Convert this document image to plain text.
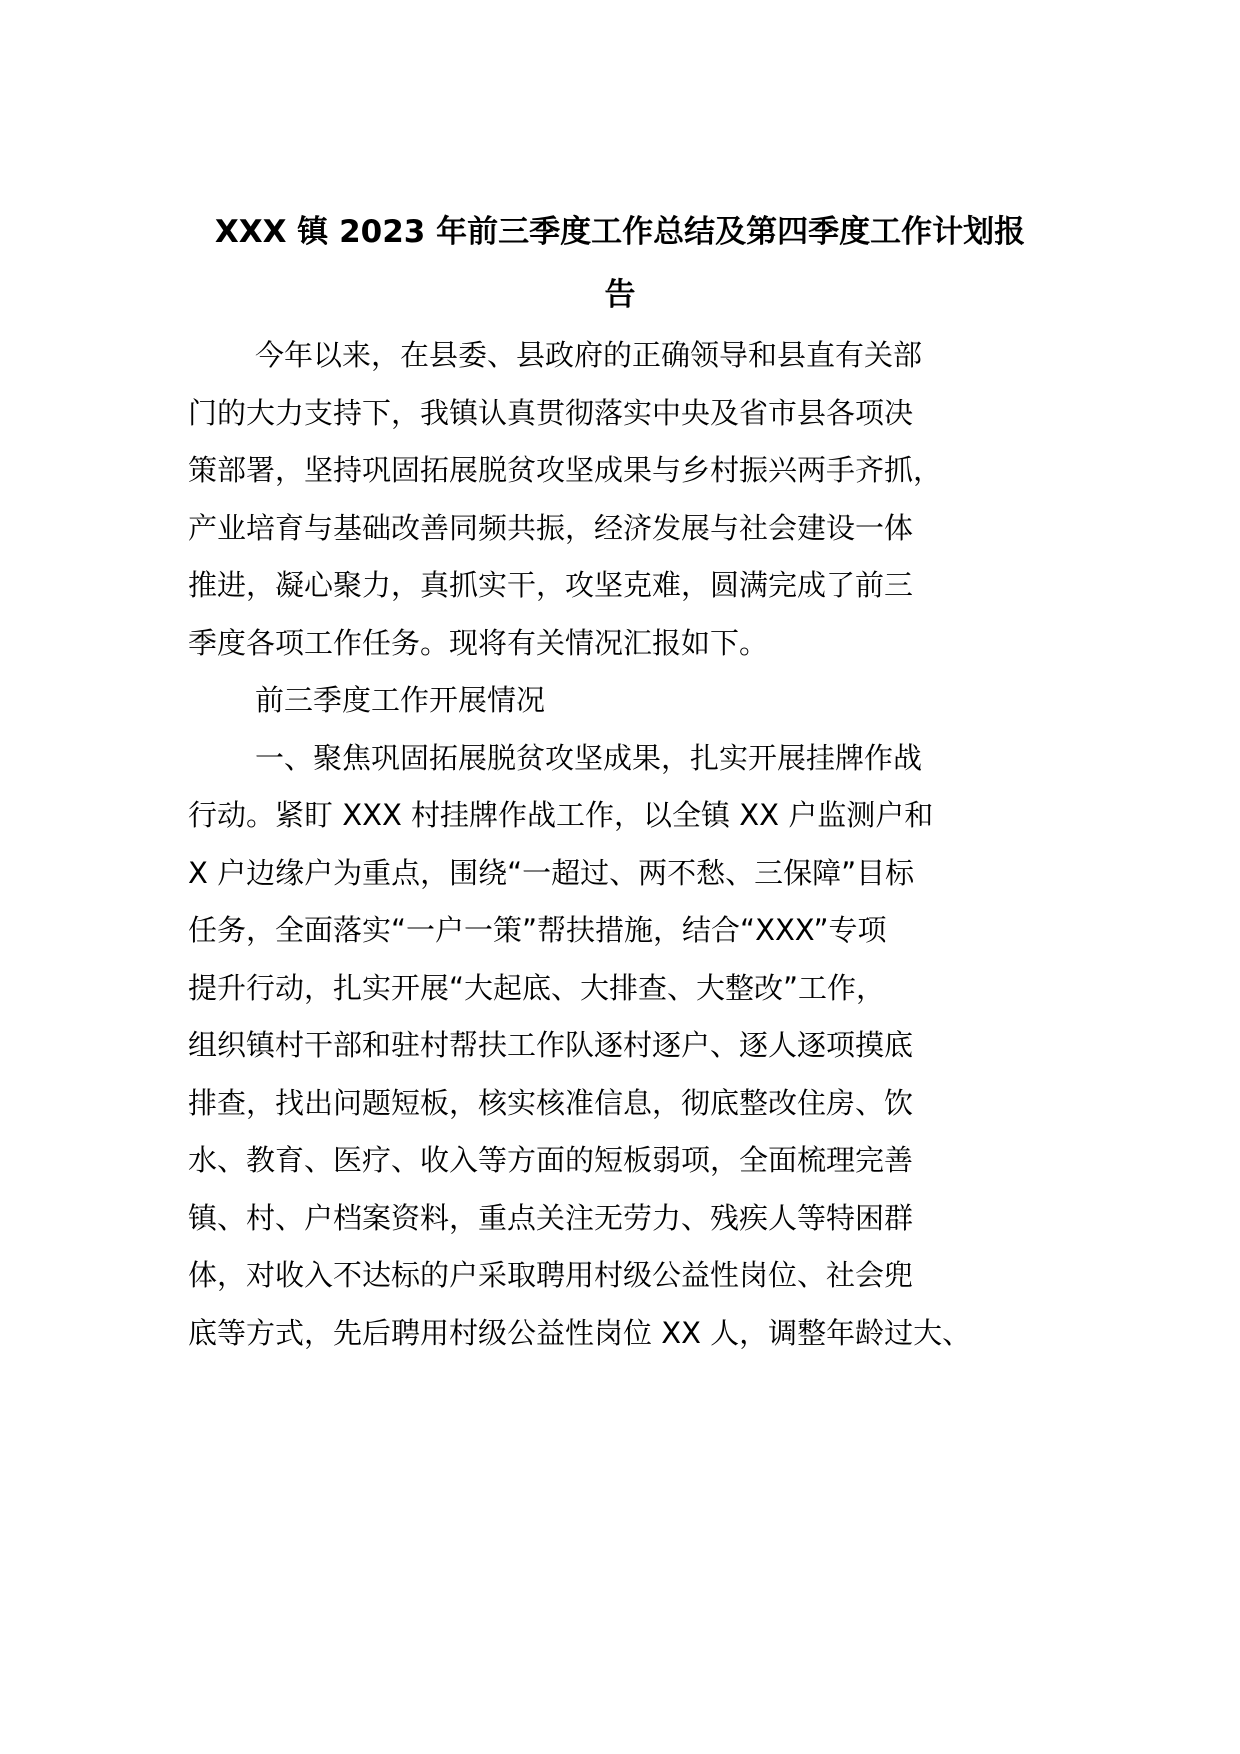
XXX 镇 2023 年前三季度工作总结及第四季度工作计划报
告
今年以来，在县委、县政府的正确领导和县直有关部
门的大力支持下，我镇认真贯彻落实中央及省市县各项决
策部署，坚持巩固拓展脱贫攻坚成果与乡村振兴两手齐抓，
产业培育与基础改善同频共振，经济发展与社会建设一体
推进，凝心聚力，真抓实干，攻坚克难，圆满完成了前三
季度各项工作任务。现将有关情况汇报如下。
前三季度工作开展情况
一、聚焦巩固拓展脱贫攻坚成果，扎实开展挂牌作战
行动。紧盯 XXX 村挂牌作战工作，以全镇 XX 户监测户和
X 户边缘户为重点，围绕“一超过、两不愁、三保障”目标
任务，全面落实“一户一策”帮扶措施，结合“XXX”专项
提升行动，扎实开展“大起底、大排查、大整改”工作，
组织镇村干部和驻村帮扶工作队逐村逐户、逐人逐项摸底
排查，找出问题短板，核实核准信息，彻底整改住房、饮
水、教育、医疗、收入等方面的短板弱项，全面梳理完善
镇、村、户档案资料，重点关注无劳力、残疾人等特困群
体，对收入不达标的户采取聘用村级公益性岗位、社会兜
底等方式，先后聘用村级公益性岗位 XX 人，调整年龄过大、
